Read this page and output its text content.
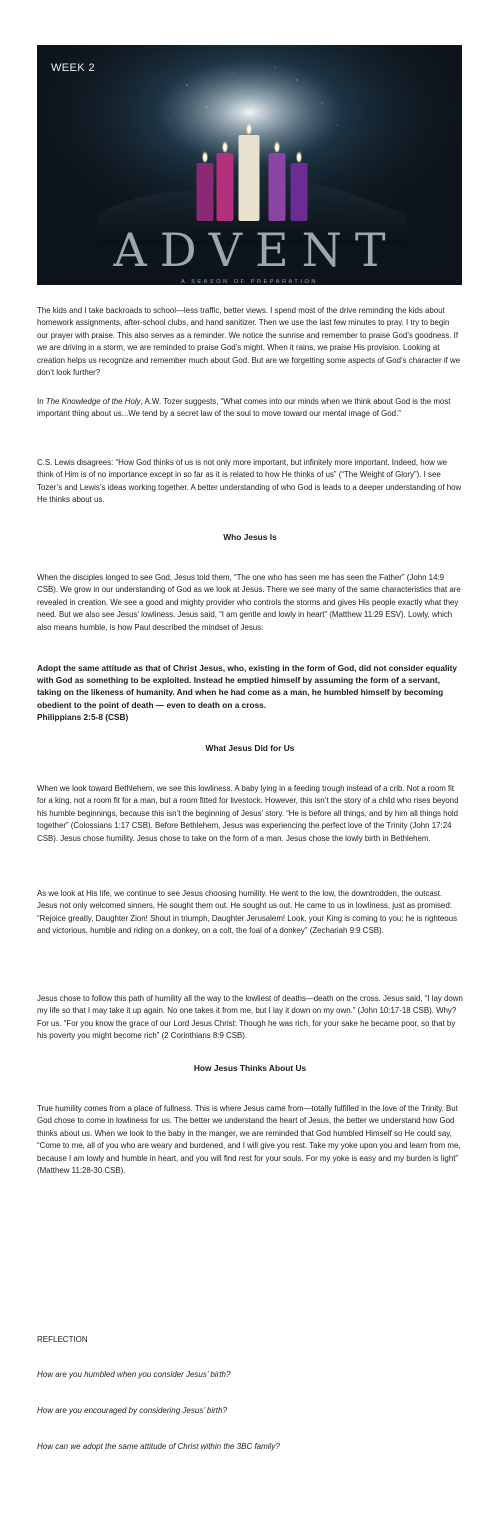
WEEK 2
ADVENT
A SEASON OF PREPARATION

The kids and I take backroads to school—less traffic, better views. I spend most of the drive reminding the kids about homework assignments, after-school clubs, and hand sanitizer. Then we use the last few minutes to pray. I try to begin our prayer with praise. This also serves as a reminder. We notice the sunrise and remember to praise God’s goodness. If we are driving in a storm, we are reminded to praise God’s might. When it rains, we praise His provision. Looking at creation helps us recognize and remember much about God. But are we forgetting some aspects of God’s character if we don’t look further?

In The Knowledge of the Holy, A.W. Tozer suggests, “What comes into our minds when we think about God is the most important thing about us...We tend by a secret law of the soul to move toward our mental image of God.”

C.S. Lewis disagrees: “How God thinks of us is not only more important, but infinitely more important. Indeed, how we think of Him is of no importance except in so far as it is related to how He thinks of us” (“The Weight of Glory”). I see Tozer’s and Lewis’s ideas working together. A better understanding of who God is leads to a deeper understanding of how He thinks about us.

Who Jesus Is

When the disciples longed to see God, Jesus told them, “The one who has seen me has seen the Father” (John 14:9 CSB). We grow in our understanding of God as we look at Jesus. There we see many of the same characteristics that are revealed in creation. We see a good and mighty provider who controls the storms and gives His people exactly what they need. But we also see Jesus’ lowliness. Jesus said, “I am gentle and lowly in heart” (Matthew 11:29 ESV). Lowly, which also means humble, is how Paul described the mindset of Jesus:

Adopt the same attitude as that of Christ Jesus, who, existing in the form of God, did not consider equality with God as something to be exploited. Instead he emptied himself by assuming the form of a servant, taking on the likeness of humanity. And when he had come as a man, he humbled himself by becoming obedient to the point of death — even to death on a cross.
Philippians 2:5-8 (CSB)
What Jesus Did for Us

When we look toward Bethlehem, we see this lowliness. A baby lying in a feeding trough instead of a crib. Not a room fit for a king, not a room fit for a man, but a room fitted for livestock. However, this isn’t the story of a child who rises beyond his humble beginnings, because this isn’t the beginning of Jesus’ story. “He is before all things, and by him all things hold together” (Colossians 1:17 CSB). Before Bethlehem, Jesus was experiencing the perfect love of the Trinity (John 17:24 CSB). Jesus chose humility. Jesus chose to take on the form of a man. Jesus chose the lowly birth in Bethlehem.

As we look at His life, we continue to see Jesus choosing humility. He went to the low, the downtrodden, the outcast. Jesus not only welcomed sinners, He sought them out. He sought us out. He came to us in lowliness, just as promised: “Rejoice greatly, Daughter Zion! Shout in triumph, Daughter Jerusalem! Look, your King is coming to you; he is righteous and victorious, humble and riding on a donkey, on a colt, the foal of a donkey” (Zechariah 9:9 CSB).

Jesus chose to follow this path of humility all the way to the lowliest of deaths—death on the cross. Jesus said, “I lay down my life so that I may take it up again. No one takes it from me, but I lay it down on my own.” (John 10:17-18 CSB). Why? For us. “For you know the grace of our Lord Jesus Christ: Though he was rich, for your sake he became poor, so that by his poverty you might become rich” (2 Corinthians 8:9 CSB).

How Jesus Thinks About Us

True humility comes from a place of fullness. This is where Jesus came from—totally fulfilled in the love of the Trinity. But God chose to come in lowliness for us. The better we understand the heart of Jesus, the better we understand how God thinks about us. When we look to the baby in the manger, we are reminded that God humbled Himself so He could say, “Come to me, all of you who are weary and burdened, and I will give you rest. Take my yoke upon you and learn from me, because I am lowly and humble in heart, and you will find rest for your souls. For my yoke is easy and my burden is light” (Matthew 11:28-30 CSB).

REFLECTION

How are you humbled when you consider Jesus’ birth?

How are you encouraged by considering Jesus’ birth?

How can we adopt the same attitude of Christ within the 3BC family?
